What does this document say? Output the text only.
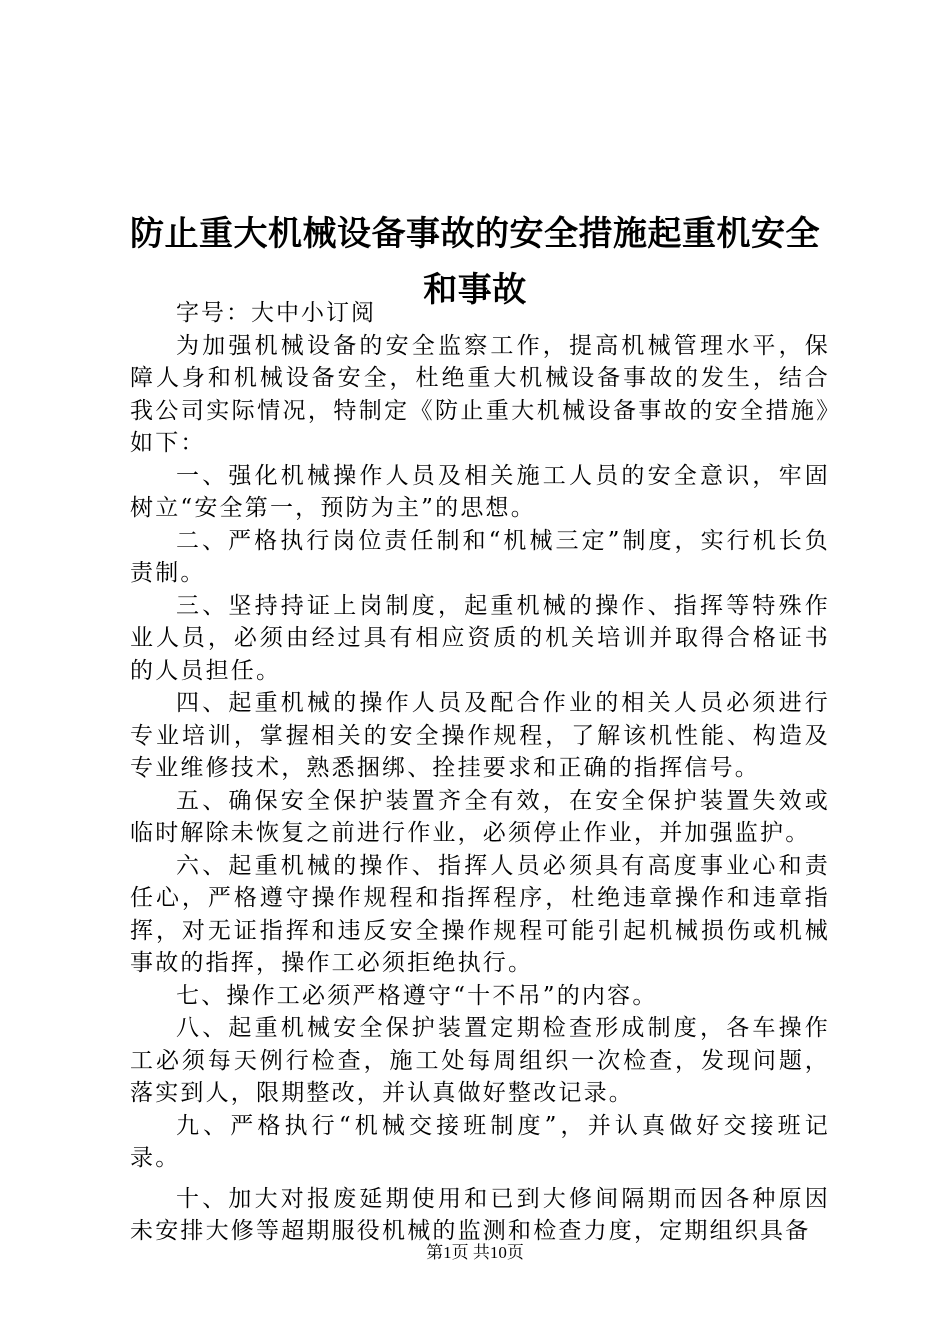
防止重大机械设备事故的安全措施起重机安全和事故

字号：大中小订阅

为加强机械设备的安全监察工作，提高机械管理水平，保障人身和机械设备安全，杜绝重大机械设备事故的发生，结合我公司实际情况，特制定《防止重大机械设备事故的安全措施》如下：

一、强化机械操作人员及相关施工人员的安全意识，牢固树立“安全第一，预防为主”的思想。

二、严格执行岗位责任制和“机械三定”制度，实行机长负责制。

三、坚持持证上岗制度，起重机械的操作、指挥等特殊作业人员，必须由经过具有相应资质的机关培训并取得合格证书的人员担任。

四、起重机械的操作人员及配合作业的相关人员必须进行专业培训，掌握相关的安全操作规程，了解该机性能、构造及专业维修技术，熟悉捆绑、拴挂要求和正确的指挥信号。

五、确保安全保护装置齐全有效，在安全保护装置失效或临时解除未恢复之前进行作业，必须停止作业，并加强监护。

六、起重机械的操作、指挥人员必须具有高度事业心和责任心，严格遵守操作规程和指挥程序，杜绝违章操作和违章指挥，对无证指挥和违反安全操作规程可能引起机械损伤或机械事故的指挥，操作工必须拒绝执行。

七、操作工必须严格遵守“十不吊”的内容。

八、起重机械安全保护装置定期检查形成制度，各车操作工必须每天例行检查，施工处每周组织一次检查，发现问题，落实到人，限期整改，并认真做好整改记录。

九、严格执行“机械交接班制度”，并认真做好交接班记录。

十、加大对报废延期使用和已到大修间隔期而因各种原因未安排大修等超期服役机械的监测和检查力度，定期组织具备

第1页 共10页
